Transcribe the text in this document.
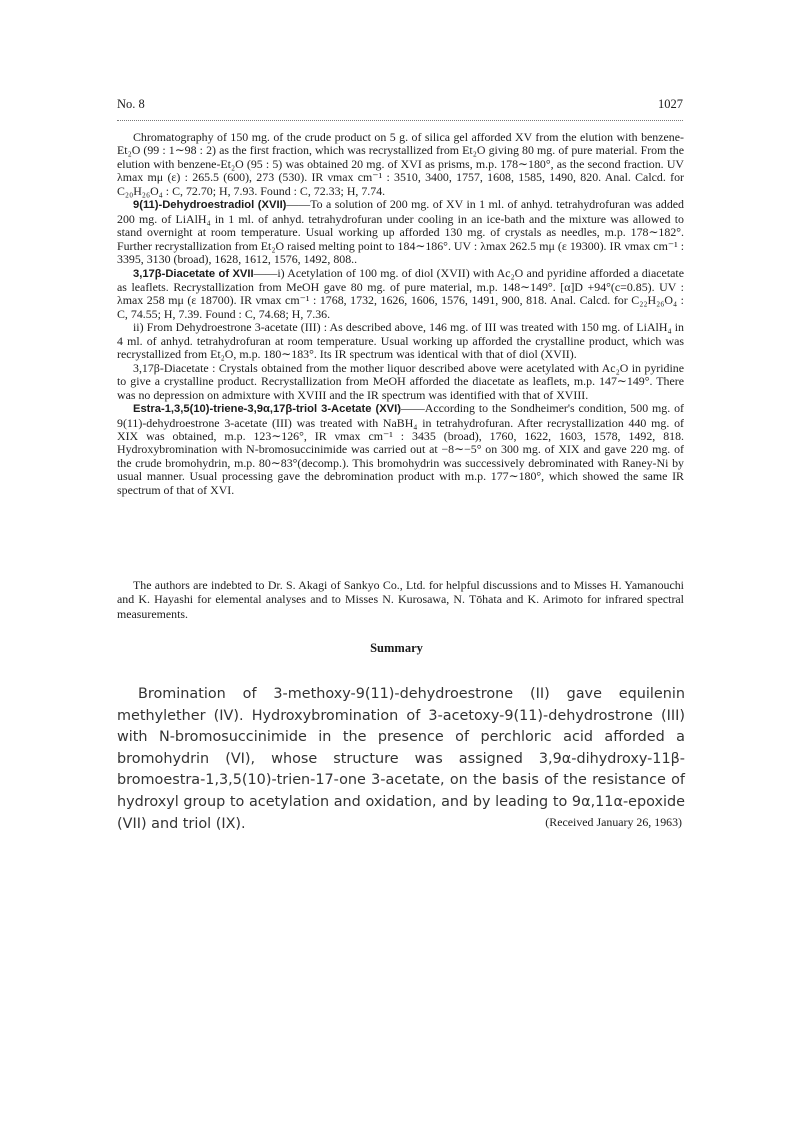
No. 8	1027

Chromatography of 150 mg. of the crude product on 5 g. of silica gel afforded XV from the elution with benzene-Et₂O (99 : 1∼98 : 2) as the first fraction, which was recrystallized from Et₂O giving 80 mg. of pure material. From the elution with benzene-Et₂O (95 : 5) was obtained 20 mg. of XVI as prisms, m.p. 178∼180°, as the second fraction. UV λmax mμ (ε) : 265.5 (600), 273 (530). IR νmax cm⁻¹ : 3510, 3400, 1757, 1608, 1585, 1490, 820. Anal. Calcd. for C₂₀H₂₆O₄ : C, 72.70; H, 7.93. Found : C, 72.33; H, 7.74.

9(11)-Dehydroestradiol (XVII)——To a solution of 200 mg. of XV in 1 ml. of anhyd. tetrahydrofuran was added 200 mg. of LiAlH₄ in 1 ml. of anhyd. tetrahydrofuran under cooling in an ice-bath and the mixture was allowed to stand overnight at room temperature. Usual working up afforded 130 mg. of crystals as needles, m.p. 178∼182°. Further recrystallization from Et₂O raised melting point to 184∼186°. UV : λmax 262.5 mμ (ε 19300). IR νmax cm⁻¹ : 3395, 3130 (broad), 1628, 1612, 1576, 1492, 808..

3,17β-Diacetate of XVII——i) Acetylation of 100 mg. of diol (XVII) with Ac₂O and pyridine afforded a diacetate as leaflets. Recrystallization from MeOH gave 80 mg. of pure material, m.p. 148∼149°. [α]D +94°(c=0.85). UV : λmax 258 mμ (ε 18700). IR νmax cm⁻¹ : 1768, 1732, 1626, 1606, 1576, 1491, 900, 818. Anal. Calcd. for C₂₂H₂₆O₄ : C, 74.55; H, 7.39. Found : C, 74.68; H, 7.36.

ii) From Dehydroestrone 3-acetate (III) : As described above, 146 mg. of III was treated with 150 mg. of LiAlH₄ in 4 ml. of anhyd. tetrahydrofuran at room temperature. Usual working up afforded the crystalline product, which was recrystallized from Et₂O, m.p. 180∼183°. Its IR spectrum was identical with that of diol (XVII).

3,17β-Diacetate : Crystals obtained from the mother liquor described above were acetylated with Ac₂O in pyridine to give a crystalline product. Recrystallization from MeOH afforded the diacetate as leaflets, m.p. 147∼149°. There was no depression on admixture with XVIII and the IR spectrum was identified with that of XVIII.

Estra-1,3,5(10)-triene-3,9α,17β-triol 3-Acetate (XVI)——According to the Sondheimer's condition, 500 mg. of 9(11)-dehydroestrone 3-acetate (III) was treated with NaBH₄ in tetrahydrofuran. After recrystallization 440 mg. of XIX was obtained, m.p. 123∼126°, IR νmax cm⁻¹ : 3435 (broad), 1760, 1622, 1603, 1578, 1492, 818. Hydroxybromination with N-bromosuccinimide was carried out at −8∼−5° on 300 mg. of XIX and gave 220 mg. of the crude bromohydrin, m.p. 80∼83°(decomp.). This bromohydrin was successively debrominated with Raney-Ni by usual manner. Usual processing gave the debromination product with m.p. 177∼180°, which showed the same IR spectrum of that of XVI.

The authors are indebted to Dr. S. Akagi of Sankyo Co., Ltd. for helpful discussions and to Misses H. Yamanouchi and K. Hayashi for elemental analyses and to Misses N. Kurosawa, N. Tōhata and K. Arimoto for infrared spectral measurements.

Summary

Bromination of 3-methoxy-9(11)-dehydroestrone (II) gave equilenin methylether (IV). Hydroxybromination of 3-acetoxy-9(11)-dehydrostrone (III) with N-bromosuccinimide in the presence of perchloric acid afforded a bromohydrin (VI), whose structure was assigned 3,9α-dihydroxy-11β-bromoestra-1,3,5(10)-trien-17-one 3-acetate, on the basis of the resistance of hydroxyl group to acetylation and oxidation, and by leading to 9α,11α-epoxide (VII) and triol (IX).	(Received January 26, 1963)
